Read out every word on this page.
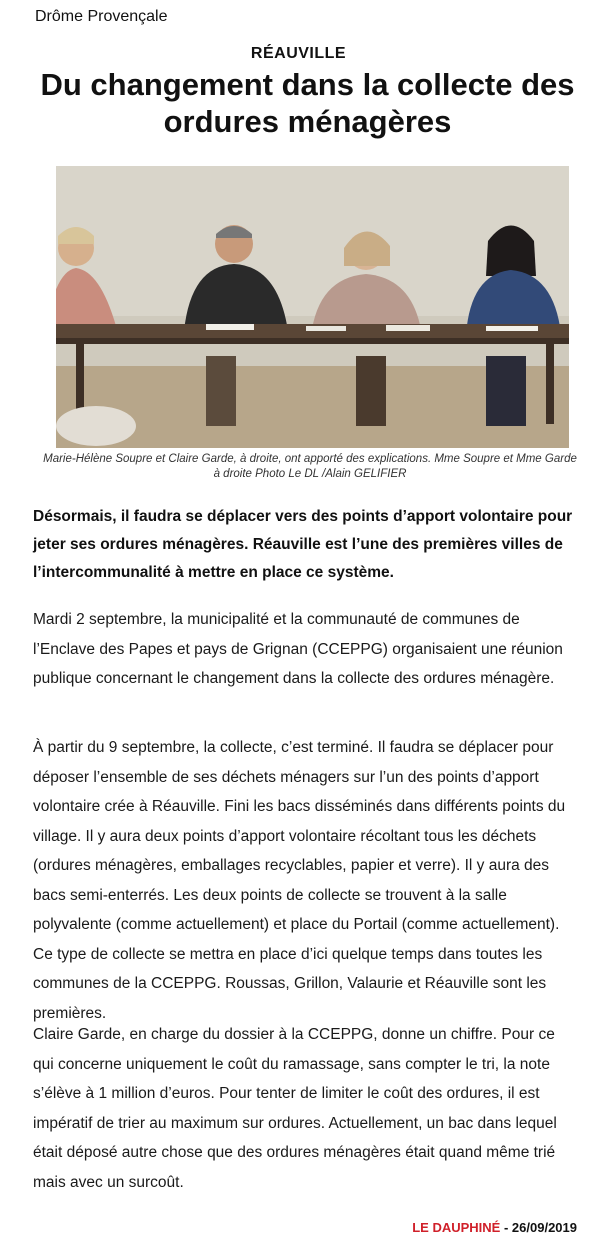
Drôme Provençale
RÉAUVILLE
Du changement dans la collecte des ordures ménagères
Marie-Hélène Soupre et Claire Garde, à droite, ont apporté des explications. Mme Soupre et Mme Garde à droite Photo Le DL /Alain GELIFIER

Désormais, il faudra se déplacer vers des points d’apport volontaire pour jeter ses ordures ménagères. Réauville est l’une des premières villes de l’intercommunalité à mettre en place ce système.

Mardi 2 septembre, la municipalité et la communauté de communes de l’Enclave des Papes et pays de Grignan (CCEPPG) organisaient une réunion publique concernant le changement dans la collecte des ordures ménagère.

À partir du 9 septembre, la collecte, c’est terminé. Il faudra se déplacer pour déposer l’ensemble de ses déchets ménagers sur l’un des points d’apport volontaire crée à Réauville. Fini les bacs disséminés dans différents points du village. Il y aura deux points d’apport volontaire récoltant tous les déchets (ordures ménagères, emballages recyclables, papier et verre). Il y aura des bacs semi-enterrés. Les deux points de collecte se trouvent à la salle polyvalente (comme actuellement) et place du Portail (comme actuellement). Ce type de collecte se mettra en place d’ici quelque temps dans toutes les communes de la CCEPPG. Roussas, Grillon, Valaurie et Réauville sont les premières.

Claire Garde, en charge du dossier à la CCEPPG, donne un chiffre. Pour ce qui concerne uniquement le coût du ramassage, sans compter le tri, la note s’élève à 1 million d’euros. Pour tenter de limiter le coût des ordures, il est impératif de trier au maximum sur ordures. Actuellement, un bac dans lequel était déposé autre chose que des ordures ménagères était quand même trié mais avec un surcoût.

LE DAUPHINÉ - 26/09/2019
